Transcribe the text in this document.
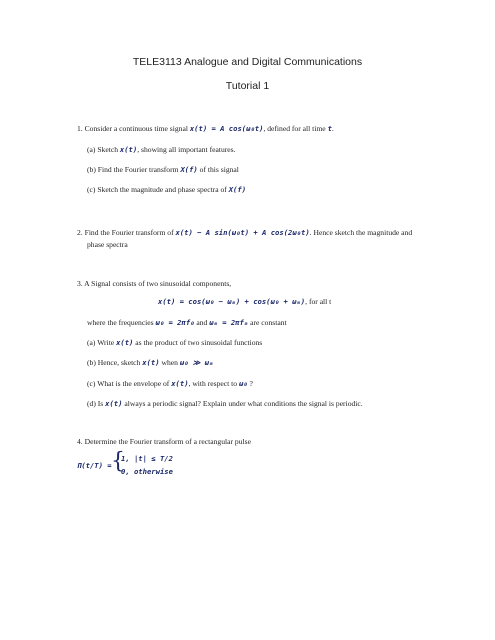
TELE3113 Analogue and Digital Communications
Tutorial 1
1. Consider a continuous time signal x(t) = A cos(ω₀t), defined for all time t.
(a) Sketch x(t), showing all important features.
(b) Find the Fourier transform X(f) of this signal
(c) Sketch the magnitude and phase spectra of X(f)
2. Find the Fourier transform of x(t) − A sin(ω₀t) + A cos(2ω₀t). Hence sketch the magnitude and
phase spectra
3. A Signal consists of two sinusoidal components,
x(t) = cos(ω₀ − ωₘ) + cos(ω₀ + ωₘ), for all t
where the frequencies ω₀ = 2πf₀ and ωₘ = 2πfₘ are constant
(a) Write x(t) as the product of two sinusoidal functions
(b) Hence, sketch x(t) when ω₀ ≫ ωₘ
(c) What is the envelope of x(t), with respect to ω₀ ?
(d) Is x(t) always a periodic signal? Explain under what conditions the signal is periodic.
4. Determine the Fourier transform of a rectangular pulse
Π(t/T) = {
1, |t| ≤ T/2
0, otherwise
